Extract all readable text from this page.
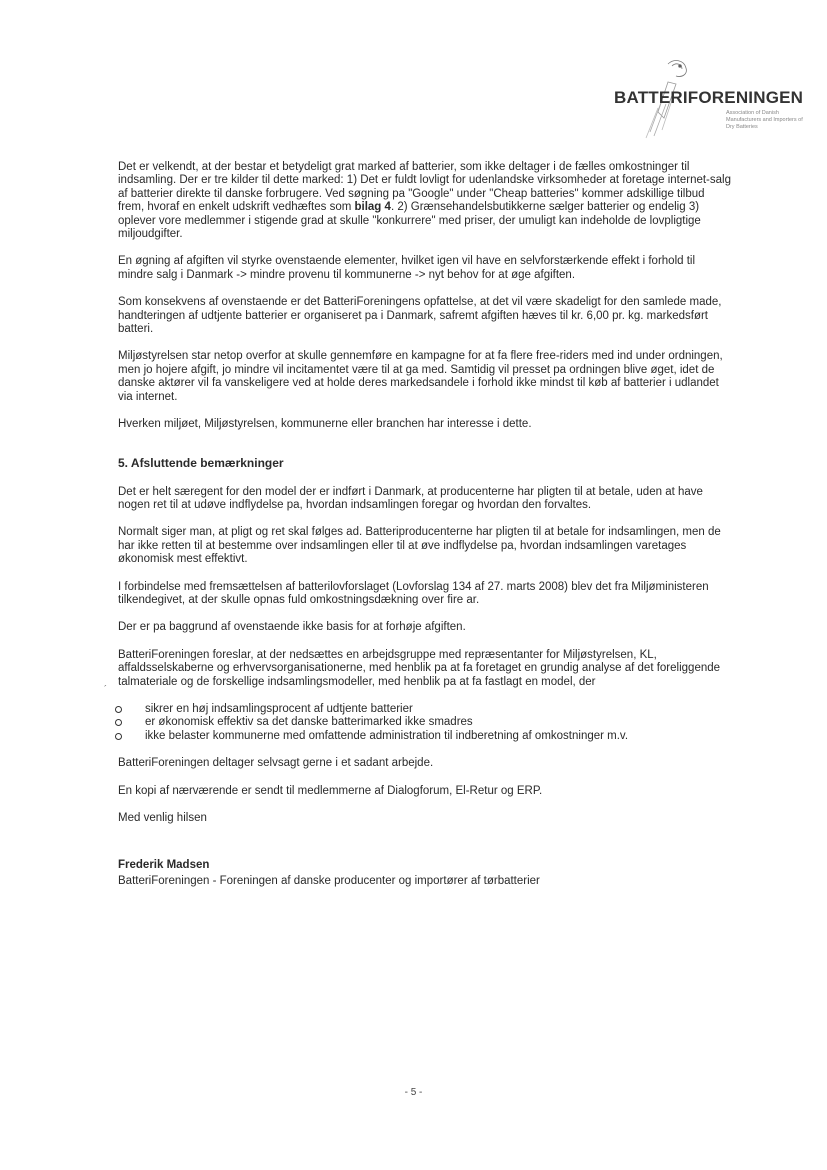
BATTERIFORENINGEN
Association of Danish Manufacturers and Importers of Dry Batteries

Det er velkendt, at der bestar et betydeligt grat marked af batterier, som ikke deltager i de fælles omkostninger til indsamling. Der er tre kilder til dette marked: 1) Det er fuldt lovligt for udenlandske virksomheder at foretage internet-salg af batterier direkte til danske forbrugere. Ved søgning pa "Google" under "Cheap batteries" kommer adskillige tilbud frem, hvoraf en enkelt udskrift vedhæftes som bilag 4. 2) Grænsehandelsbutikkerne sælger batterier og endelig 3) oplever vore medlemmer i stigende grad at skulle "konkurrere" med priser, der umuligt kan indeholde de lovpligtige miljoudgifter.

En øgning af afgiften vil styrke ovenstaende elementer, hvilket igen vil have en selvforstærkende effekt i forhold til mindre salg i Danmark -> mindre provenu til kommunerne -> nyt behov for at øge afgiften.

Som konsekvens af ovenstaende er det BatteriForeningens opfattelse, at det vil være skadeligt for den samlede made, handteringen af udtjente batterier er organiseret pa i Danmark, safremt afgiften hæves til kr. 6,00 pr. kg. markedsført batteri.

Miljøstyrelsen star netop overfor at skulle gennemføre en kampagne for at fa flere free-riders med ind under ordningen, men jo hojere afgift, jo mindre vil incitamentet være til at ga med. Samtidig vil presset pa ordningen blive øget, idet de danske aktører vil fa vanskeligere ved at holde deres markedsandele i forhold ikke mindst til køb af batterier i udlandet via internet.

Hverken miljøet, Miljøstyrelsen, kommunerne eller branchen har interesse i dette.

5. Afsluttende bemærkninger

Det er helt særegent for den model der er indført i Danmark, at producenterne har pligten til at betale, uden at have nogen ret til at udøve indflydelse pa, hvordan indsamlingen foregar og hvordan den forvaltes.

Normalt siger man, at pligt og ret skal følges ad. Batteriproducenterne har pligten til at betale for indsamlingen, men de har ikke retten til at bestemme over indsamlingen eller til at øve indflydelse pa, hvordan indsamlingen varetages økonomisk mest effektivt.

I forbindelse med fremsættelsen af batterilovforslaget (Lovforslag 134 af 27. marts 2008) blev det fra Miljøministeren tilkendegivet, at der skulle opnas fuld omkostningsdækning over fire ar.

Der er pa baggrund af ovenstaende ikke basis for at forhøje afgiften.

BatteriForeningen foreslar, at der nedsættes en arbejdsgruppe med repræsentanter for Miljøstyrelsen, KL, affaldsselskaberne og erhvervsorganisationerne, med henblik pa at fa foretaget en grundig analyse af det foreliggende talmateriale og de forskellige indsamlingsmodeller, med henblik pa at fa fastlagt en model, der

sikrer en høj indsamlingsprocent af udtjente batterier
er økonomisk effektiv sa det danske batterimarked ikke smadres
ikke belaster kommunerne med omfattende administration til indberetning af omkostninger m.v.

BatteriForeningen deltager selvsagt gerne i et sadant arbejde.

En kopi af nærværende er sendt til medlemmerne af Dialogforum, El-Retur og ERP.

Med venlig hilsen

Frederik Madsen
BatteriForeningen - Foreningen af danske producenter og importører af tørbatterier
´
- 5 -
